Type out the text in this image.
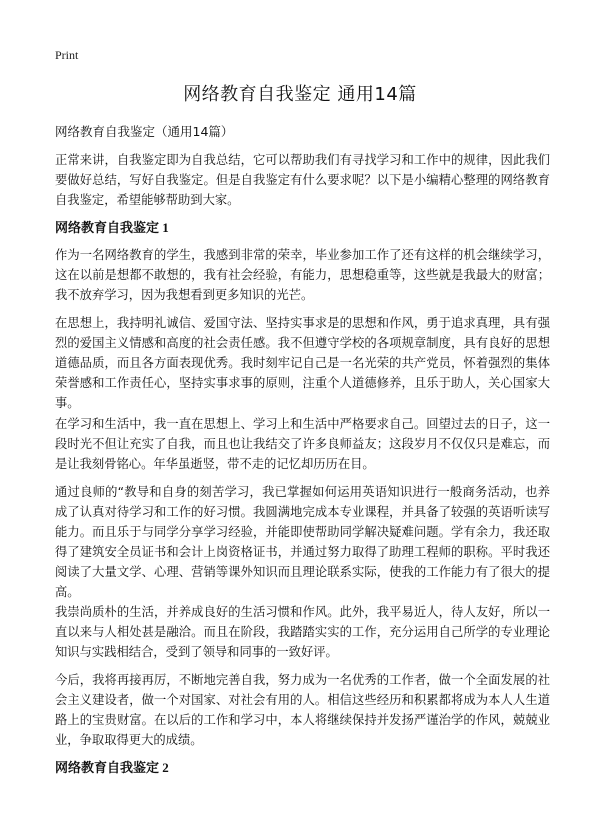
Print
网络教育自我鉴定 通用14篇
网络教育自我鉴定（通用14篇）

正常来讲，自我鉴定即为自我总结，它可以帮助我们有寻找学习和工作中的规律，因此我们要做好总结，写好自我鉴定。但是自我鉴定有什么要求呢？以下是小编精心整理的网络教育自我鉴定，希望能够帮助到大家。

网络教育自我鉴定 1

作为一名网络教育的学生，我感到非常的荣幸，毕业参加工作了还有这样的机会继续学习，这在以前是想都不敢想的，我有社会经验，有能力，思想稳重等，这些就是我最大的财富；我不放弃学习，因为我想看到更多知识的光芒。

在思想上，我持明礼诚信、爱国守法、坚持实事求是的思想和作风，勇于追求真理，具有强烈的爱国主义情感和高度的社会责任感。我不但遵守学校的各项规章制度，具有良好的思想道德品质，而且各方面表现优秀。我时刻牢记自己是一名光荣的共产党员，怀着强烈的集体荣誉感和工作责任心，坚持实事求事的原则，注重个人道德修养，且乐于助人，关心国家大事。

在学习和生活中，我一直在思想上、学习上和生活中严格要求自己。回望过去的日子，这一段时光不但让充实了自我，而且也让我结交了许多良师益友；这段岁月不仅仅只是难忘，而是让我刻骨铭心。年华虽逝竖，带不走的记忆却历历在目。

通过良师的“教导和自身的刻苦学习，我已掌握如何运用英语知识进行一般商务活动，也养成了认真对待学习和工作的好习惯。我圆满地完成本专业课程，并具备了较强的英语听读写能力。而且乐于与同学分享学习经验，并能即使帮助同学解决疑难问题。学有余力，我还取得了建筑安全员证书和会计上岗资格证书，并通过努力取得了助理工程师的职称。平时我还阅读了大量文学、心理、营销等课外知识而且理论联系实际，使我的工作能力有了很大的提高。

我崇尚质朴的生活，并养成良好的生活习惯和作风。此外，我平易近人，待人友好，所以一直以来与人相处甚是融洽。而且在阶段，我踏踏实实的工作，充分运用自己所学的专业理论知识与实践相结合，受到了领导和同事的一致好评。

今后，我将再接再厉，不断地完善自我，努力成为一名优秀的工作者，做一个全面发展的社会主义建设者，做一个对国家、对社会有用的人。相信这些经历和积累都将成为本人人生道路上的宝贵财富。在以后的工作和学习中，本人将继续保持并发扬严谨治学的作风，兢兢业业，争取取得更大的成绩。

网络教育自我鉴定 2
